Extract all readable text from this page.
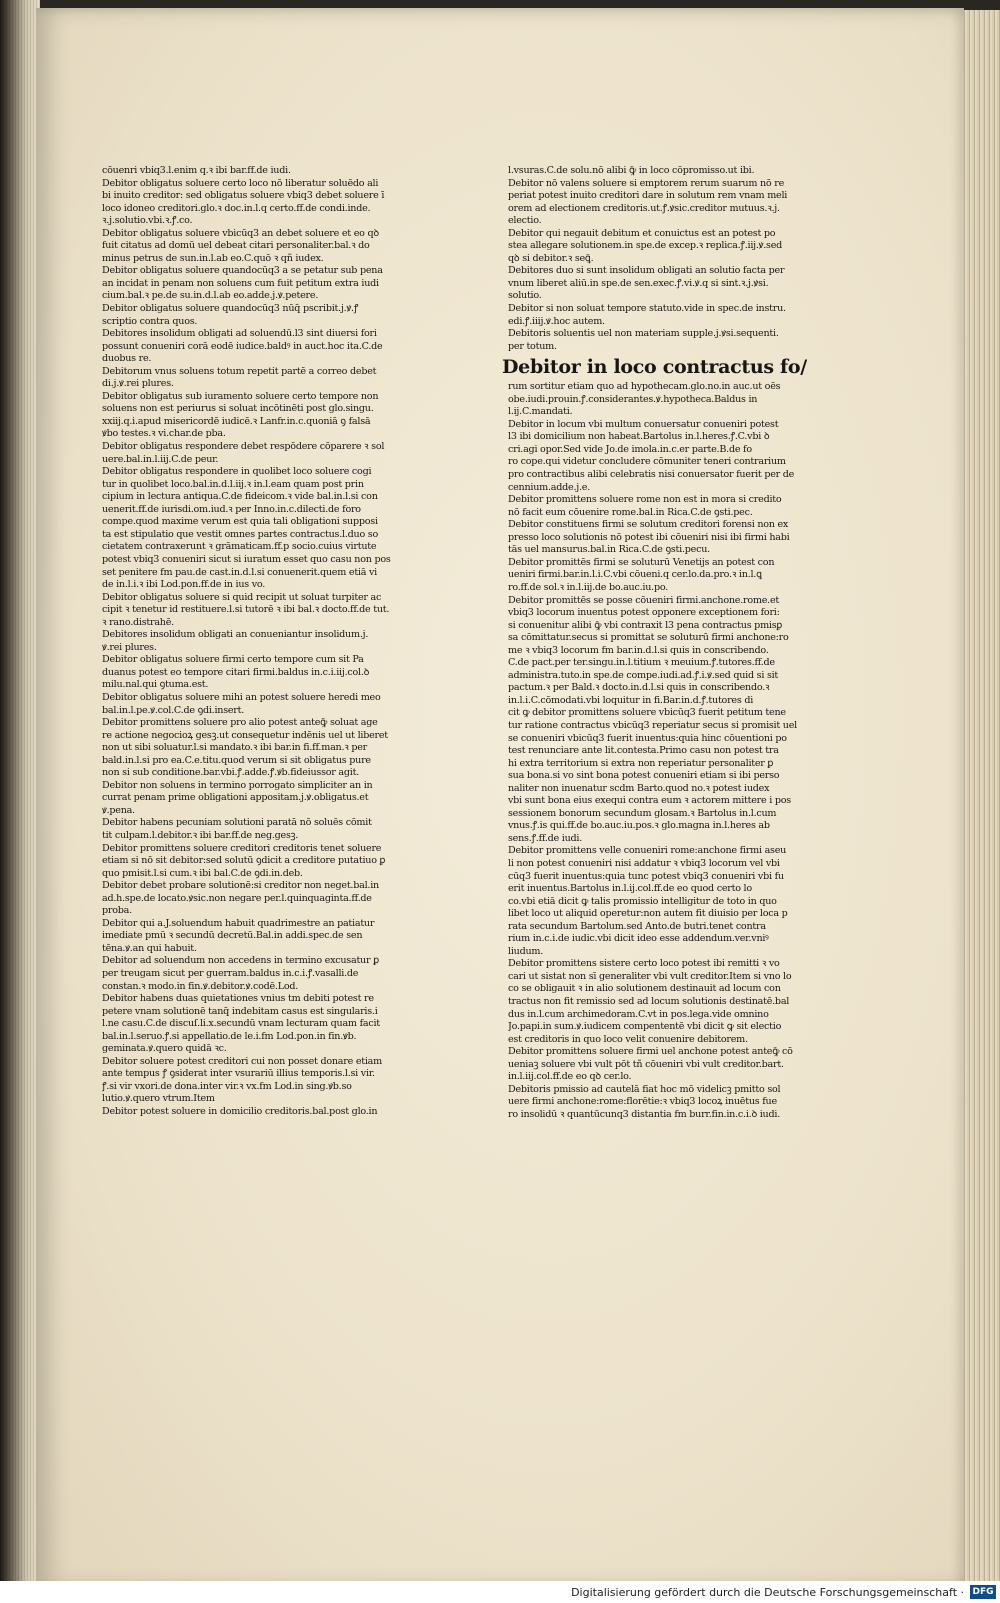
cōuenri vbiq3.l.enim q.ꝛ ibi bar.ff.de iudi.
Debitor obligatus soluere certo loco nō liberatur soluēdo ali
bi inuito creditor: sed obligatus soluere vbiq3 debet soluere ī
loco idoneo creditori.glo.ꝛ doc.in.l.q certo.ff.de condi.inde.
ꝛ.j.solutio.vbi.ꝛ.ꝭ.co.
Debitor obligatus soluere vbicūq3 an debet soluere et eo qꝺ
fuit citatus ad domū uel debeat citari personaliter.bal.ꝛ do
minus petrus de sun.in.l.ab eo.C.quō ꝛ qñ iudex.
Debitor obligatus soluere quandocūq3 a se petatur sub pena
an incidat in penam non soluens cum fuit petitum extra iudi
cium.bal.ꝛ pe.de su.in.d.l.ab eo.adde.j.ꝟ.petere.
Debitor obligatus soluere quandocūq3 nūq̄ pscribit.j.ꝟ.ꝭ
scriptio contra quos.
Debitores insolidum obligati ad soluendū.l3 sint diuersi fori
possunt conueniri corā eodē iudice.baldꝰ in auct.hoc ita.C.de
duobus re.
Debitorum vnus soluens totum repetit partē a correo debet
di.j.ꝟ.rei plures.
Debitor obligatus sub iuramento soluere certo tempore non
soluens non est periurus si soluat incōtinēti post glo.singu.
xxiij.q.i.apud misericordē iudicē.ꝛ Lanfr.in.c.quoniā ꝯ falsā
ꝟbo testes.ꝛ vi.char.de pba.
Debitor obligatus respondere debet respōdere cōparere ꝛ sol
uere.bal.in.l.iij.C.de peur.
Debitor obligatus respondere in quolibet loco soluere cogi
tur in quolibet loco.bal.in.d.l.iij.ꝛ in.l.eam quam post prin
cipium in lectura antiqua.C.de fideicom.ꝛ vide bal.in.l.si con
uenerit.ff.de iurisdi.om.iud.ꝛ per Inno.in.c.dilecti.de foro
compe.quod maxime verum est quia tali obligationi supposi
ta est stipulatio que vestit omnes partes contractus.l.duo so
cietatem contraxerunt ꝛ grāmaticam.ff.p socio.cuius virtute
potest vbiq3 conueniri sicut si iuratum esset quo casu non pos
set penitere fm pau.de cast.in.d.l.si conuenerit.quem etiā vi
de in.l.i.ꝛ ibi Lod.pon.ff.de in ius vo.
Debitor obligatus soluere si quid recipit ut soluat turpiter ac
cipit ꝛ tenetur id restituere.l.si tutorē ꝛ ibi bal.ꝛ docto.ff.de tut.
ꝛ rano.distrahē.
Debitores insolidum obligati an conueniantur insolidum.j.
ꝟ.rei plures.
Debitor obligatus soluere firmi certo tempore cum sit Pa
duanus potest eo tempore citari firmi.baldus in.c.i.iij.col.ꝺ
milu.nal.qui ꝯtuma.est.
Debitor obligatus soluere mihi an potest soluere heredi meo
bal.in.l.pe.ꝟ.col.C.de ꝯdi.insert.
Debitor promittens soluere pro alio potest anteꝙ̄ soluat age
re actione negocioꝝ gesꝫ.ut consequetur indēnis uel ut liberet
non ut sibi soluatur.l.si mandato.ꝛ ibi bar.in fi.ff.man.ꝛ per
bald.in.l.si pro ea.C.e.titu.quod verum si sit obligatus pure
non si sub conditione.bar.vbi.ꝭ.adde.ꝭ.ꝟb.fideiussor agit.
Debitor non soluens in termino porrogato simpliciter an in
currat penam prime obligationi appositam.j.ꝟ.obligatus.et
ꝟ.pena.
Debitor habens pecuniam solutioni paratā nō soluēs cōmit
tit culpam.l.debitor.ꝛ ibi bar.ff.de neg.gesꝫ.
Debitor promittens soluere creditori creditoris tenet soluere
etiam si nō sit debitor:sed solutū ꝯdicit a creditore putatiuo ꝑ
quo pmisit.l.si cum.ꝛ ibi bal.C.de ꝯdi.in.deb.
Debitor debet probare solutionē:si creditor non neget.bal.in
ad.h.spe.de locato.ꝟsic.non negare per.l.quinquaginta.ff.de
proba.
Debitor qui a.J.soluendum habuit quadrimestre an patiatur
imediate pmū ꝛ secundū decretū.Bal.in addi.spec.de sen
tēna.ꝟ.an qui habuit.
Debitor ad soluendum non accedens in termino excusatur ꝑ
per treugam sicut per guerram.baldus in.c.i.ꝭ.vasalli.de
constan.ꝛ modo.in fin.ꝟ.debitor.ꝟ.codē.Lod.
Debitor habens duas quietationes vnius tm debiti potest re
petere vnam solutionē tanq̄ indebitam casus est singularis.i
l.ne casu.C.de discuſ.li.x.secundū vnam lecturam quam facit
bal.in.l.seruo.ꝭ.si appellatio.de le.i.fm Lod.pon.in fin.ꝟb.
geminata.ꝟ.quero quidā ꝛc.
Debitor soluere potest creditori cui non posset donare etiam
ante tempus ꝭ ꝯsiderat inter vsurariū illius temporis.l.si vir.
ꝭ.si vir vxori.de dona.inter vir.ꝛ vx.fm Lod.in sing.ꝟb.so
lutio.ꝟ.quero vtrum.Item
Debitor potest soluere in domicilio creditoris.bal.post glo.in
l.vsuras.C.de solu.nō alibi ꝙ̄ in loco cōpromisso.ut ibi.
Debitor nō valens soluere si emptorem rerum suarum nō re
periat potest inuito creditori dare in solutum rem vnam meli
orem ad electionem creditoris.ut.ꝭ.ꝟsic.creditor mutuus.ꝛ.j.
electio.
Debitor qui negauit debitum et conuictus est an potest po
stea allegare solutionem.in spe.de excep.ꝛ replica.ꝭ.iij.ꝟ.sed
qꝺ si debitor.ꝛ seꝗ̄.
Debitores duo si sunt insolidum obligati an solutio facta per
vnum liberet aliū.in spe.de sen.exec.ꝭ.vi.ꝟ.q si sint.ꝛ.j.ꝟsi.
solutio.
Debitor si non soluat tempore statuto.vide in spec.de instru.
edi.ꝭ.iiij.ꝟ.hoc autem.
Debitoris soluentis uel non materiam supple.j.ꝟsi.sequenti.
per totum.
Debitor in loco contractus fo/
rum sortitur etiam quo ad hypothecam.glo.no.in auc.ut oēs
obe.iudi.prouin.ꝭ.considerantes.ꝟ.hypotheca.Baldus in
l.ij.C.mandati.
Debitor in locum vbi multum conuersatur conueniri potest
l3 ibi domicilium non habeat.Bartolus in.l.heres.ꝭ.C.vbi ꝺ
cri.agi opor.Sed vide Jo.de imola.in.c.er parte.B.de fo
ro cope.qui videtur concludere cōmuniter teneri contrarium
pro contractibus alibi celebratis nisi conuersator fuerit per de
cennium.adde.j.e.
Debitor promittens soluere rome non est in mora si credito
nō facit eum cōuenire rome.bal.in Rica.C.de ꝯsti.pec.
Debitor constituens firmi se solutum creditori forensi non ex
presso loco solutionis nō potest ibi cōueniri nisi ibi firmi habi
tās uel mansurus.bal.in Rica.C.de ꝯsti.pecu.
Debitor promittēs firmi se soluturū Venetijs an potest con
ueniri firmi.bar.in.l.i.C.vbi cōueni.q cer.lo.da.pro.ꝛ in.l.ꝗ
ro.ff.de sol.ꝛ in.l.iij.de bo.auc.iu.po.
Debitor promittēs se posse cōueniri firmi.anchone.rome.et
vbiq3 locorum inuentus potest opponere exceptionem fori:
si conuenitur alibi ꝙ̄ vbi contraxit l3 pena contractus pmisꝑ
sa cōmittatur.secus si promittat se soluturū firmi anchone:ro
me ꝛ vbiq3 locorum fm bar.in.d.l.si quis in conscribendo.
C.de pact.per ter.singu.in.l.titium ꝛ meuium.ꝭ.tutores.ff.de
administra.tuto.in spe.de compe.iudi.ad.ꝭ.i.ꝟ.sed quid si sit
pactum.ꝛ per Bald.ꝛ docto.in.d.l.si quis in conscribendo.ꝛ
in.l.i.C.cōmodati.vbi loquitur in fi.Bar.in.d.ꝭ.tutores di
cit ꝙ debitor promittens soluere vbicūq3 fuerit petitum tene
tur ratione contractus vbicūq3 reperiatur secus si promisit uel
se conueniri vbicūq3 fuerit inuentus:quia hinc cōuentioni po
test renunciare ante lit.contesta.Primo casu non potest tra
hi extra territorium si extra non reperiatur personaliter ꝑ
sua bona.si vo sint bona potest conueniri etiam si ibi perso
naliter non inuenatur scdm Barto.quod no.ꝛ potest iudex
vbi sunt bona eius exequi contra eum ꝛ actorem mittere i pos
sessionem bonorum secundum glosam.ꝛ Bartolus in.l.cum
vnus.ꝭ.is qui.ff.de bo.auc.iu.pos.ꝛ glo.magna in.l.heres ab
sens.ꝭ.ff.de iudi.
Debitor promittens velle conueniri rome:anchone firmi aseu
li non potest conueniri nisi addatur ꝛ vbiq3 locorum vel vbi
cūq3 fuerit inuentus:quia tunc potest vbiq3 conueniri vbi fu
erit inuentus.Bartolus in.l.ij.col.ff.de eo quod certo lo
co.vbi etiā dicit ꝙ talis promissio intelligitur de toto in quo
libet loco ut aliquid operetur:non autem fit diuisio per loca p
rata secundum Bartolum.sed Anto.de butri.tenet contra
rium in.c.i.de iudic.vbi dicit ideo esse addendum.ver.vniꝰ
liudum.
Debitor promittens sistere certo loco potest ibi remitti ꝛ vo
cari ut sistat non sī generaliter vbi vult creditor.Item si vno lo
co se obligauit ꝛ in alio solutionem destinauit ad locum con
tractus non fit remissio sed ad locum solutionis destinatē.bal
dus in.l.cum archimedoram.C.vt in pos.lega.vide omnino
Jo.papi.in sum.ꝟ.iudicem compententē vbi dicit ꝙ sit electio
est creditoris in quo loco velit conuenire debitorem.
Debitor promittens soluere firmi uel anchone potest anteꝙ̄ cō
ueniaꝫ soluere vbi vult pōt tñ cōueniri vbi vult creditor.bart.
in.l.iij.col.ff.de eo qꝺ cer.lo.
Debitoris pmissio ad cautelā fiat hoc mō videlicꝫ pmitto sol
uere firmi anchone:rome:florētie:ꝛ vbiq3 locoꝝ inuētus fue
ro insolidū ꝛ quantūcunq3 distantia fm burr.fin.in.c.i.ꝺ iudi.
Digitalisierung gefördert durch die Deutsche Forschungsgemeinschaft · DFG
